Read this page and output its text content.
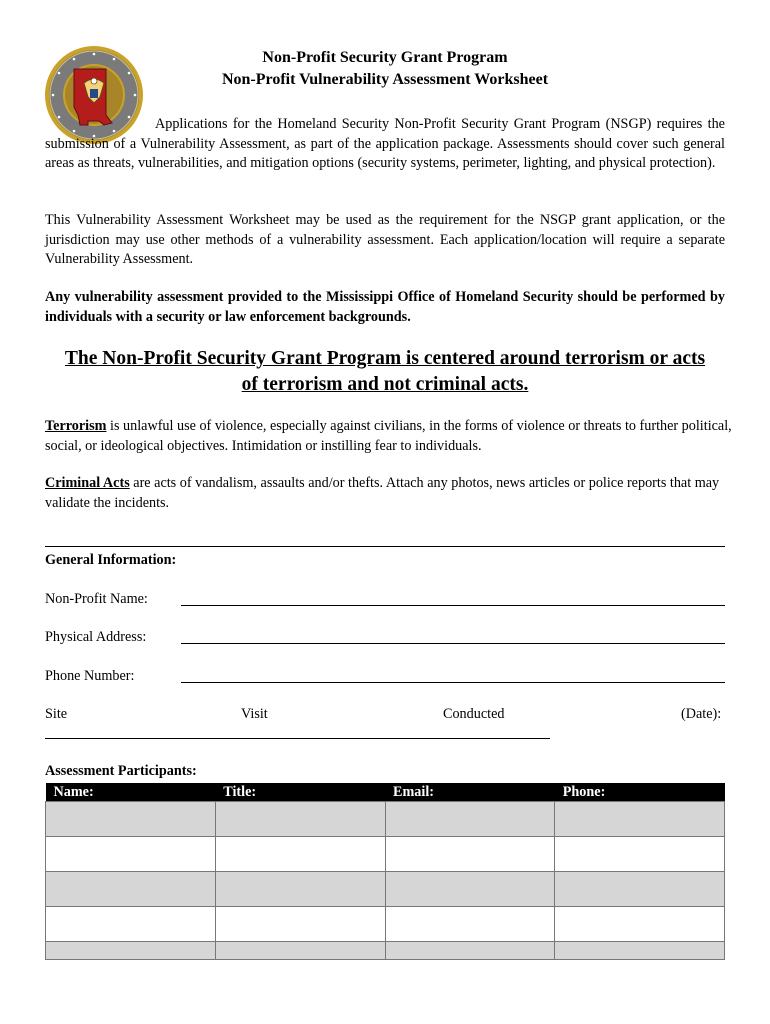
Non-Profit Security Grant Program
Non-Profit Vulnerability Assessment Worksheet
Applications for the Homeland Security Non-Profit Security Grant Program (NSGP) requires the submission of a Vulnerability Assessment, as part of the application package. Assessments should cover such general areas as threats, vulnerabilities, and mitigation options (security systems, perimeter, lighting, and physical protection).
This Vulnerability Assessment Worksheet may be used as the requirement for the NSGP grant application, or the jurisdiction may use other methods of a vulnerability assessment. Each application/location will require a separate Vulnerability Assessment.
Any vulnerability assessment provided to the Mississippi Office of Homeland Security should be performed by individuals with a security or law enforcement backgrounds.
The Non-Profit Security Grant Program is centered around terrorism or acts
of terrorism and not criminal acts.
Terrorism is unlawful use of violence, especially against civilians, in the forms of violence or threats to further political, social, or ideological objectives. Intimidation or instilling fear to individuals.
Criminal Acts are acts of vandalism, assaults and/or thefts. Attach any photos, news articles or police reports that may validate the incidents.
General Information:
Non-Profit Name:
Physical Address:
Phone Number:
Site	Visit	Conducted	(Date):
Assessment Participants:
Name:	Title:	Email:	Phone:
